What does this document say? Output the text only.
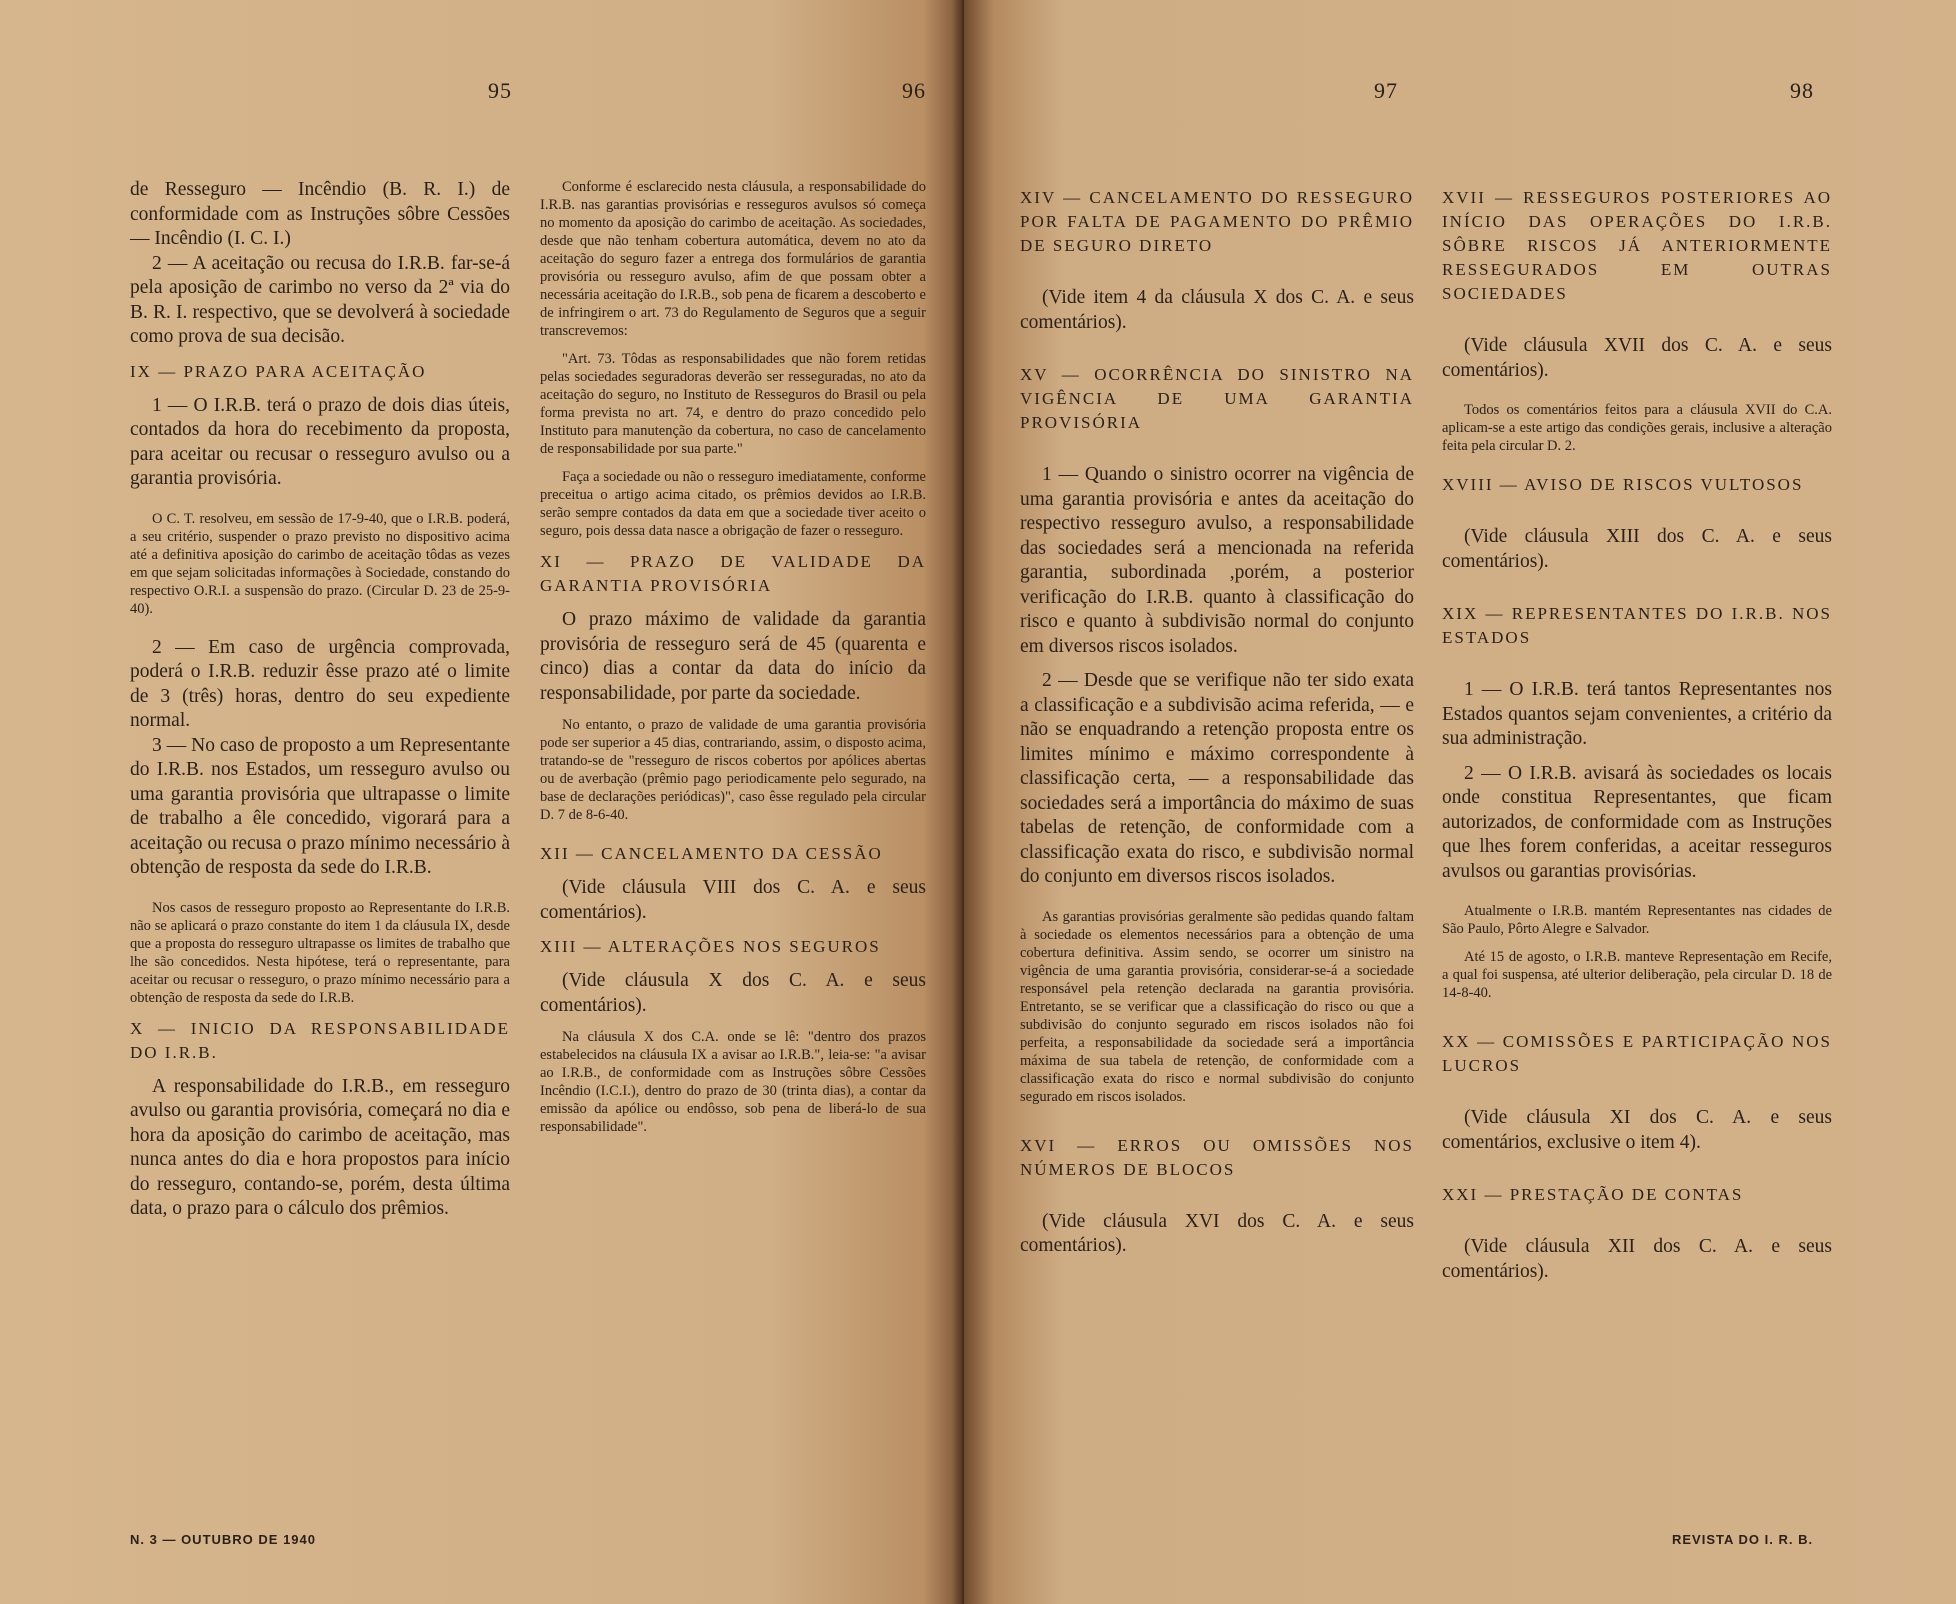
95	96

de Resseguro — Incêndio (B. R. I.) de conformidade com as Instruções sôbre Cessões — Incêndio (I. C. I.)

2 — A aceitação ou recusa do I.R.B. far-se-á pela aposição de carimbo no verso da 2ª via do B. R. I. respectivo, que se devolverá à sociedade como prova de sua decisão.

IX — PRAZO PARA ACEITAÇÃO

1 — O I.R.B. terá o prazo de dois dias úteis, contados da hora do recebimento da proposta, para aceitar ou recusar o resseguro avulso ou a garantia provisória.

O C. T. resolveu, em sessão de 17-9-40, que o I.R.B. poderá, a seu critério, suspender o prazo previsto no dispositivo acima até a definitiva aposição do carimbo de aceitação tôdas as vezes em que sejam solicitadas informações à Sociedade, constando do respectivo O.R.I. a suspensão do prazo. (Circular D. 23 de 25-9-40).

2 — Em caso de urgência comprovada, poderá o I.R.B. reduzir êsse prazo até o limite de 3 (três) horas, dentro do seu expediente normal.

3 — No caso de proposto a um Representante do I.R.B. nos Estados, um resseguro avulso ou uma garantia provisória que ultrapasse o limite de trabalho a êle concedido, vigorará para a aceitação ou recusa o prazo mínimo necessário à obtenção de resposta da sede do I.R.B.

Nos casos de resseguro proposto ao Representante do I.R.B. não se aplicará o prazo constante do item 1 da cláusula IX, desde que a proposta do resseguro ultrapasse os limites de trabalho que lhe são concedidos. Nesta hipótese, terá o representante, para aceitar ou recusar o resseguro, o prazo mínimo necessário para a obtenção de resposta da sede do I.R.B.

X — INICIO DA RESPONSABILIDADE DO I.R.B.

A responsabilidade do I.R.B., em resseguro avulso ou garantia provisória, começará no dia e hora da aposição do carimbo de aceitação, mas nunca antes do dia e hora propostos para início do resseguro, contando-se, porém, desta última data, o prazo para o cálculo dos prêmios.

Conforme é esclarecido nesta cláusula, a responsabilidade do I.R.B. nas garantias provisórias e resseguros avulsos só começa no momento da aposição do carimbo de aceitação. As sociedades, desde que não tenham cobertura automática, devem no ato da aceitação do seguro fazer a entrega dos formulários de garantia provisória ou resseguro avulso, afim de que possam obter a necessária aceitação do I.R.B., sob pena de ficarem a descoberto e de infringirem o art. 73 do Regulamento de Seguros que a seguir transcrevemos:

"Art. 73. Tôdas as responsabilidades que não forem retidas pelas sociedades seguradoras deverão ser resseguradas, no ato da aceitação do seguro, no Instituto de Resseguros do Brasil ou pela forma prevista no art. 74, e dentro do prazo concedido pelo Instituto para manutenção da cobertura, no caso de cancelamento de responsabilidade por sua parte."

Faça a sociedade ou não o resseguro imediatamente, conforme preceitua o artigo acima citado, os prêmios devidos ao I.R.B. serão sempre contados da data em que a sociedade tiver aceito o seguro, pois dessa data nasce a obrigação de fazer o resseguro.

XI — PRAZO DE VALIDADE DA GARANTIA PROVISÓRIA

O prazo máximo de validade da garantia provisória de resseguro será de 45 (quarenta e cinco) dias a contar da data do início da responsabilidade, por parte da sociedade.

No entanto, o prazo de validade de uma garantia provisória pode ser superior a 45 dias, contrariando, assim, o disposto acima, tratando-se de "resseguro de riscos cobertos por apólices abertas ou de averbação (prêmio pago periodicamente pelo segurado, na base de declarações periódicas)", caso êsse regulado pela circular D. 7 de 8-6-40.

XII — CANCELAMENTO DA CESSÃO

(Vide cláusula VIII dos C. A. e seus comentários).

XIII — ALTERAÇÕES NOS SEGUROS

(Vide cláusula X dos C. A. e seus comentários).

Na cláusula X dos C.A. onde se lê: "dentro dos prazos estabelecidos na cláusula IX a avisar ao I.R.B.", leia-se: "a avisar ao I.R.B., de conformidade com as Instruções sôbre Cessões Incêndio (I.C.I.), dentro do prazo de 30 (trinta dias), a contar da emissão da apólice ou endôsso, sob pena de liberá-lo de sua responsabilidade".

N. 3 — OUTUBRO DE 1940
97	98

XIV — CANCELAMENTO DO RESSEGURO POR FALTA DE PAGAMENTO DO PRÊMIO DE SEGURO DIRETO

(Vide item 4 da cláusula X dos C. A. e seus comentários).

XV — OCORRÊNCIA DO SINISTRO NA VIGÊNCIA DE UMA GARANTIA PROVISÓRIA

1 — Quando o sinistro ocorrer na vigência de uma garantia provisória e antes da aceitação do respectivo resseguro avulso, a responsabilidade das sociedades será a mencionada na referida garantia, subordinada ,porém, a posterior verificação do I.R.B. quanto à classificação do risco e quanto à subdivisão normal do conjunto em diversos riscos isolados.

2 — Desde que se verifique não ter sido exata a classificação e a subdivisão acima referida, — e não se enquadrando a retenção proposta entre os limites mínimo e máximo correspondente à classificação certa, — a responsabilidade das sociedades será a importância do máximo de suas tabelas de retenção, de conformidade com a classificação exata do risco, e subdivisão normal do conjunto em diversos riscos isolados.

As garantias provisórias geralmente são pedidas quando faltam à sociedade os elementos necessários para a obtenção de uma cobertura definitiva. Assim sendo, se ocorrer um sinistro na vigência de uma garantia provisória, considerar-se-á a sociedade responsável pela retenção declarada na garantia provisória. Entretanto, se se verificar que a classificação do risco ou que a subdivisão do conjunto segurado em riscos isolados não foi perfeita, a responsabilidade da sociedade será a importância máxima de sua tabela de retenção, de conformidade com a classificação exata do risco e normal subdivisão do conjunto segurado em riscos isolados.

XVI — ERROS OU OMISSÕES NOS NÚMEROS DE BLOCOS

(Vide cláusula XVI dos C. A. e seus comentários).

XVII — RESSEGUROS POSTERIORES AO INÍCIO DAS OPERAÇÕES DO I.R.B. SÔBRE RISCOS JÁ ANTERIORMENTE RESSEGURADOS EM OUTRAS SOCIEDADES

(Vide cláusula XVII dos C. A. e seus comentários).

Todos os comentários feitos para a cláusula XVII do C.A. aplicam-se a este artigo das condições gerais, inclusive a alteração feita pela circular D. 2.

XVIII — AVISO DE RISCOS VULTOSOS

(Vide cláusula XIII dos C. A. e seus comentários).

XIX — REPRESENTANTES DO I.R.B. NOS ESTADOS

1 — O I.R.B. terá tantos Representantes nos Estados quantos sejam convenientes, a critério da sua administração.

2 — O I.R.B. avisará às sociedades os locais onde constitua Representantes, que ficam autorizados, de conformidade com as Instruções que lhes forem conferidas, a aceitar resseguros avulsos ou garantias provisórias.

Atualmente o I.R.B. mantém Representantes nas cidades de São Paulo, Pôrto Alegre e Salvador.

Até 15 de agosto, o I.R.B. manteve Representação em Recife, a qual foi suspensa, até ulterior deliberação, pela circular D. 18 de 14-8-40.

XX — COMISSÕES E PARTICIPAÇÃO NOS LUCROS

(Vide cláusula XI dos C. A. e seus comentários, exclusive o item 4).

XXI — PRESTAÇÃO DE CONTAS

(Vide cláusula XII dos C. A. e seus comentários).

REVISTA DO I. R. B.
